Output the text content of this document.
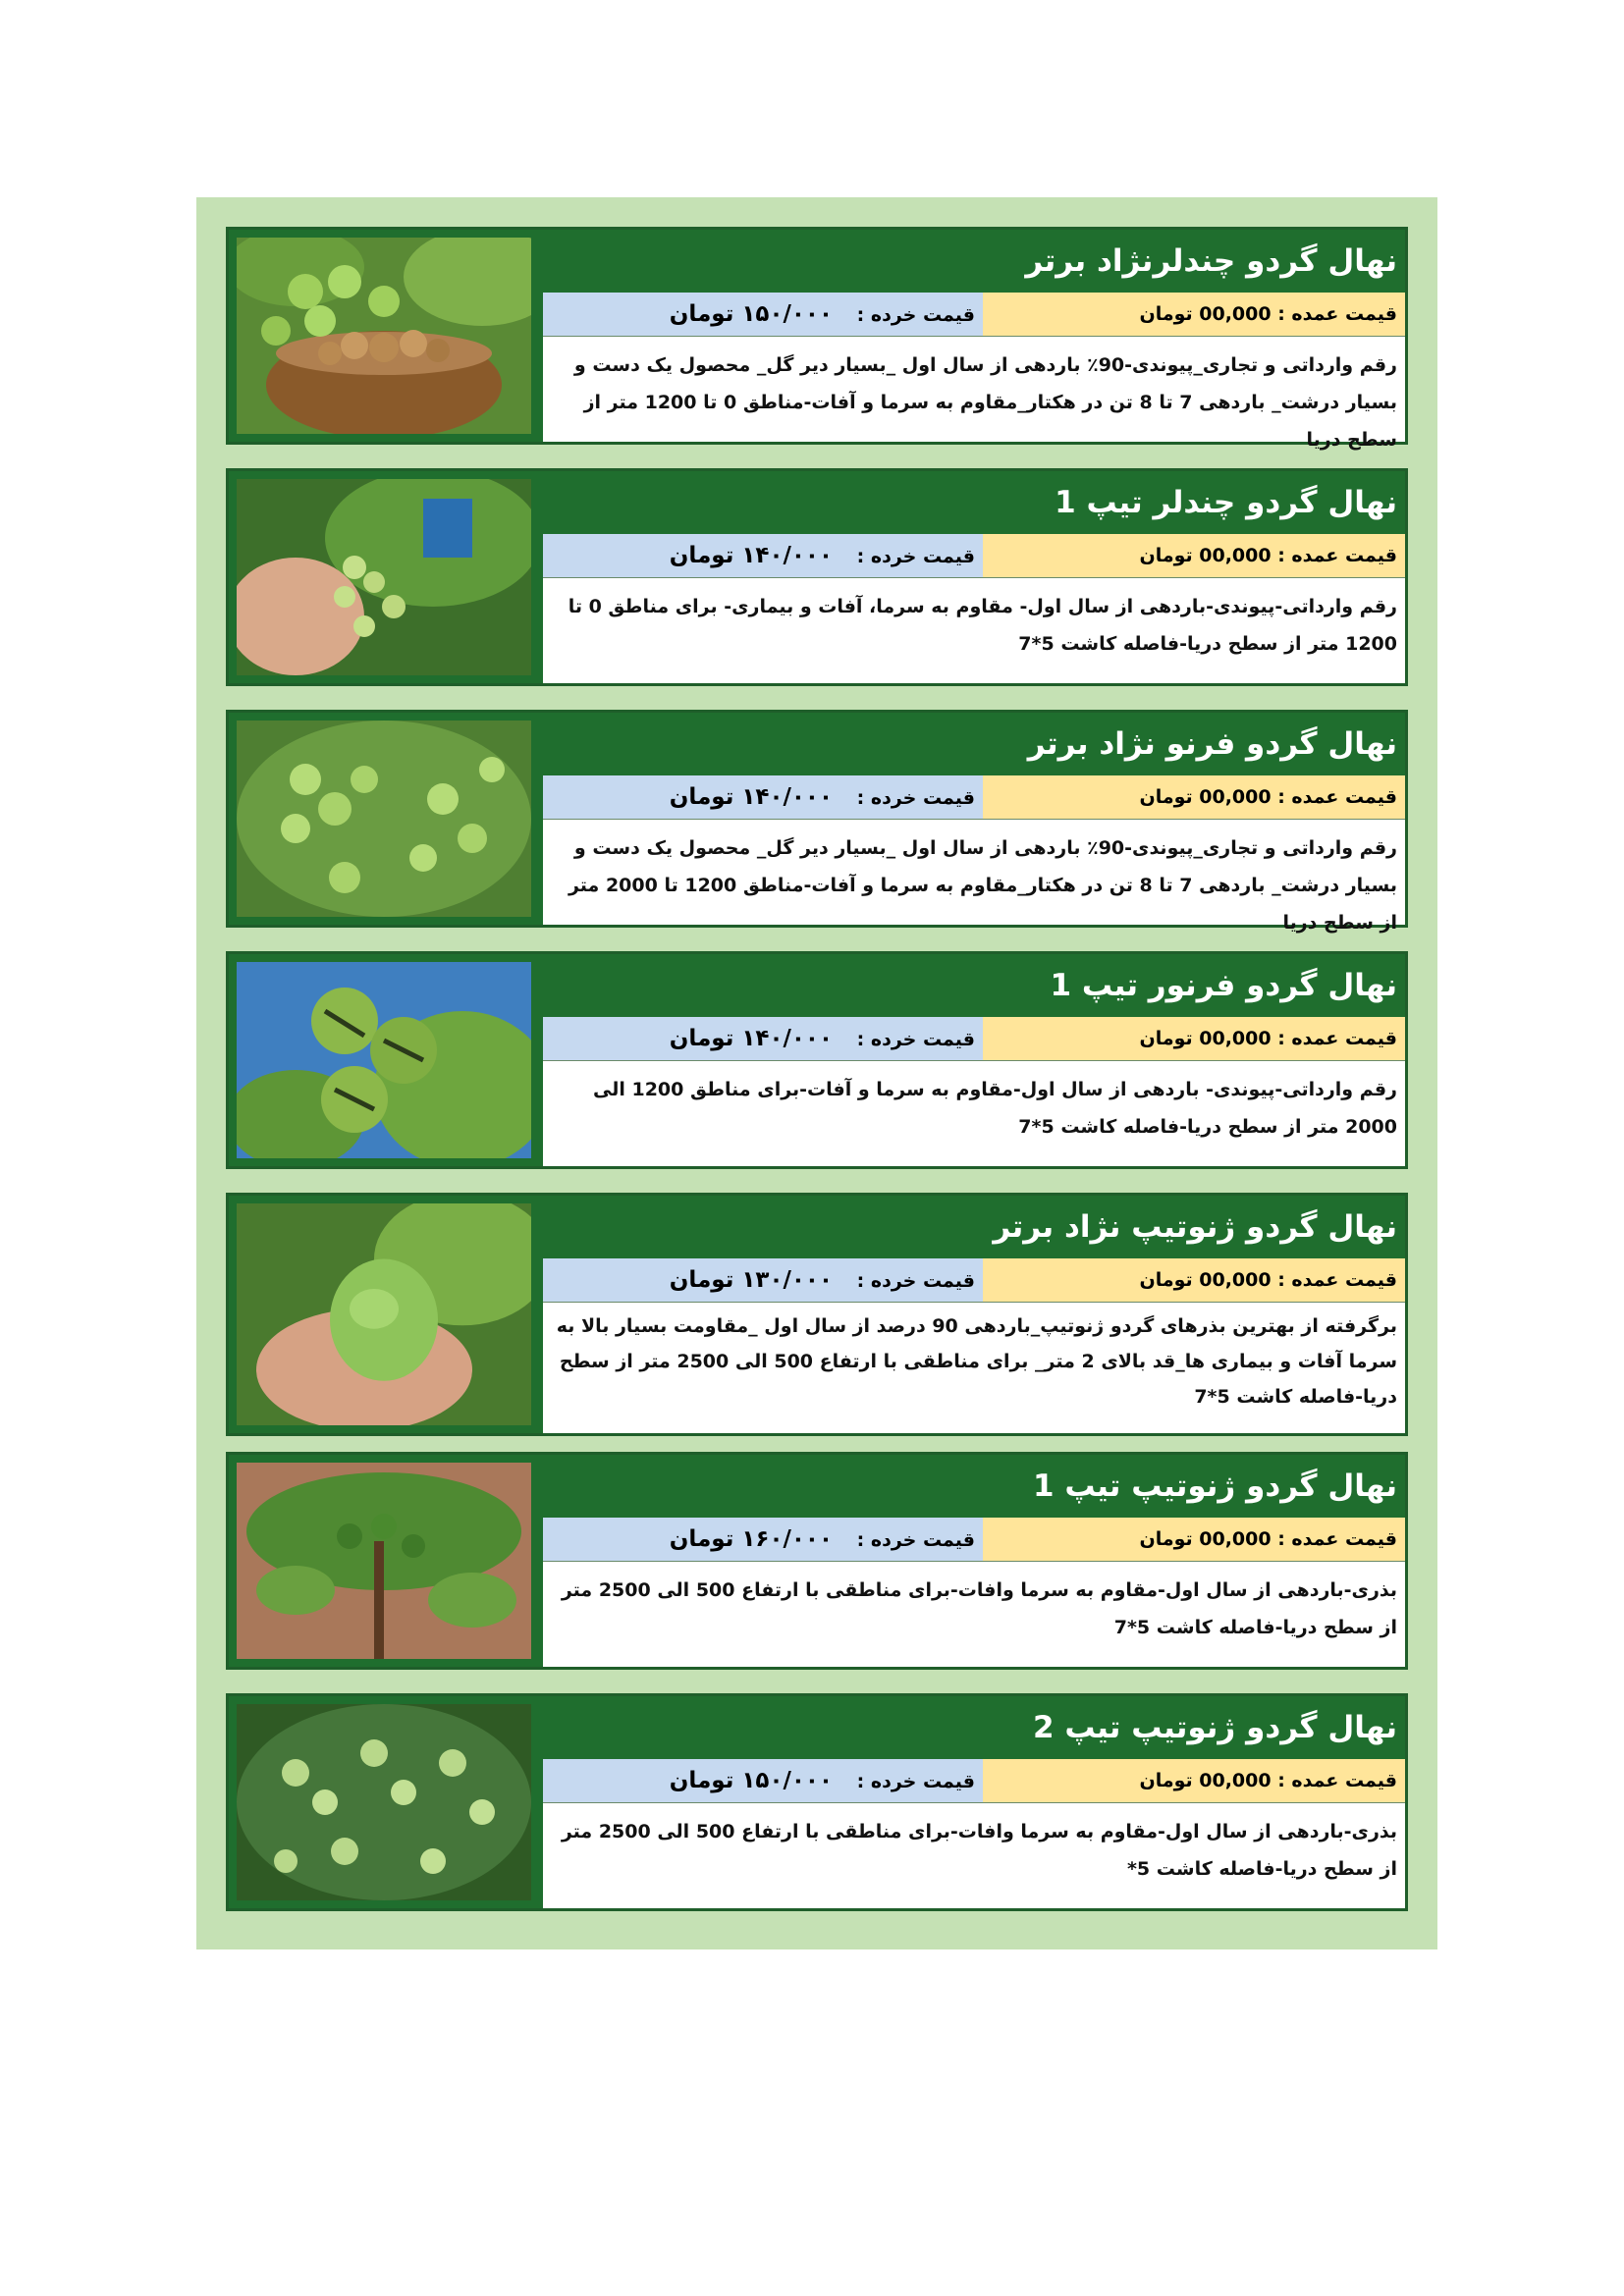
نهال گردو چندلرنژاد برتر
قیمت عمده : 00,000 تومان
قیمت خرده : ۱۵۰/۰۰۰ تومان
رقم وارداتی و تجاری_پیوندی-90٪ باردهی از سال اول _بسیار دیر گل_ محصول یک دست و بسیار درشت_ باردهی 7 تا 8 تن در هکتار_مقاوم به سرما و آفات-مناطق 0 تا 1200 متر از سطح دریا
نهال گردو چندلر تیپ 1
قیمت عمده : 00,000 تومان
قیمت خرده : ۱۴۰/۰۰۰ تومان
رقم وارداتی-پیوندی-باردهی از سال اول- مقاوم به سرما، آفات و بیماری- برای مناطق 0 تا 1200 متر از سطح دریا-فاصله کاشت 5*7
نهال گردو فرنو نژاد برتر
قیمت عمده : 00,000 تومان
قیمت خرده : ۱۴۰/۰۰۰ تومان
رقم وارداتی و تجاری_پیوندی-90٪ باردهی از سال اول _بسیار دیر گل_ محصول یک دست و بسیار درشت_ باردهی 7 تا 8 تن در هکتار_مقاوم به سرما و آفات-مناطق 1200 تا 2000 متر از سطح دریا
نهال گردو فرنور تیپ 1
قیمت عمده : 00,000 تومان
قیمت خرده : ۱۴۰/۰۰۰ تومان
رقم وارداتی-پیوندی- باردهی از سال اول-مقاوم به سرما و آفات-برای مناطق 1200 الی 2000 متر از سطح دریا-فاصله کاشت 5*7
نهال گردو ژنوتیپ نژاد برتر
قیمت عمده : 00,000 تومان
قیمت خرده : ۱۳۰/۰۰۰ تومان
برگرفته از بهترین بذرهای گردو ژنوتیپ_باردهی 90 درصد از سال اول _مقاومت بسیار بالا به سرما آفات و بیماری ها_قد بالای 2 متر_ برای مناطقی با ارتفاع 500 الی 2500 متر از سطح دریا-فاصله کاشت 5*7
نهال گردو ژنوتیپ تیپ 1
قیمت عمده : 00,000 تومان
قیمت خرده : ۱۶۰/۰۰۰ تومان
بذری-باردهی از سال اول-مقاوم به سرما وافات-برای مناطقی با ارتفاع 500 الی 2500 متر از سطح دریا-فاصله کاشت 5*7
نهال گردو ژنوتیپ تیپ 2
قیمت عمده : 00,000 تومان
قیمت خرده : ۱۵۰/۰۰۰ تومان
بذری-باردهی از سال اول-مقاوم به سرما وافات-برای مناطقی با ارتفاع 500 الی 2500 متر از سطح دریا-فاصله کاشت 5*
